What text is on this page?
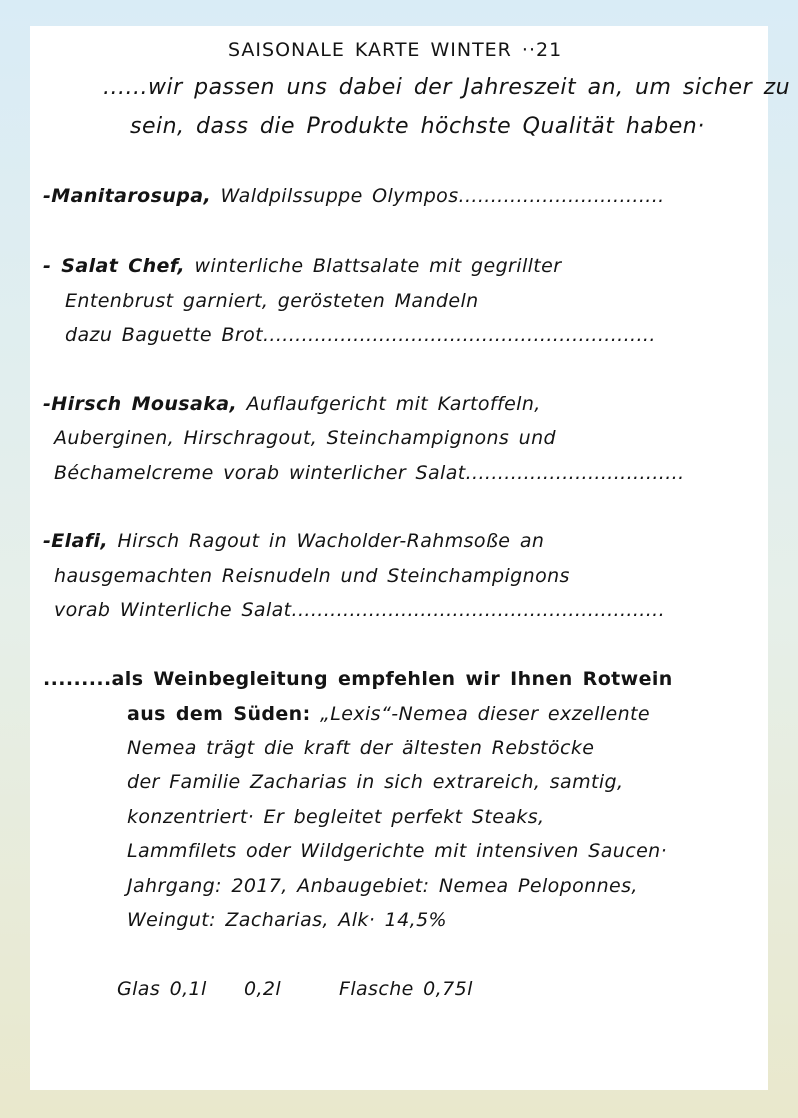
SAISONALE KARTE WINTER ··21
......wir passen uns dabei der Jahreszeit an, um sicher zu
sein, dass die Produkte höchste Qualität haben·
-Manitarosupa, Waldpilssuppe Olympos................................
- Salat Chef, winterliche Blattsalate mit gegrillter
Entenbrust garniert, gerösteten Mandeln
dazu Baguette Brot.............................................................
-Hirsch Mousaka, Auflaufgericht mit Kartoffeln,
Auberginen, Hirschragout, Steinchampignons und
Béchamelcreme vorab winterlicher Salat..................................
-Elafi, Hirsch Ragout in Wacholder-Rahmsoße an
hausgemachten Reisnudeln und Steinchampignons
vorab Winterliche Salat..........................................................
.........als Weinbegleitung empfehlen wir Ihnen Rotwein
aus dem Süden: „Lexis“-Nemea dieser exzellente
Nemea trägt die kraft der ältesten Rebstöcke
der Familie Zacharias in sich extrareich, samtig,
konzentriert· Er begleitet perfekt Steaks,
Lammfilets oder Wildgerichte mit intensiven Saucen·
Jahrgang: 2017, Anbaugebiet: Nemea Peloponnes,
Weingut: Zacharias, Alk· 14,5%
Glas 0,1l 0,2l	Flasche 0,75l
